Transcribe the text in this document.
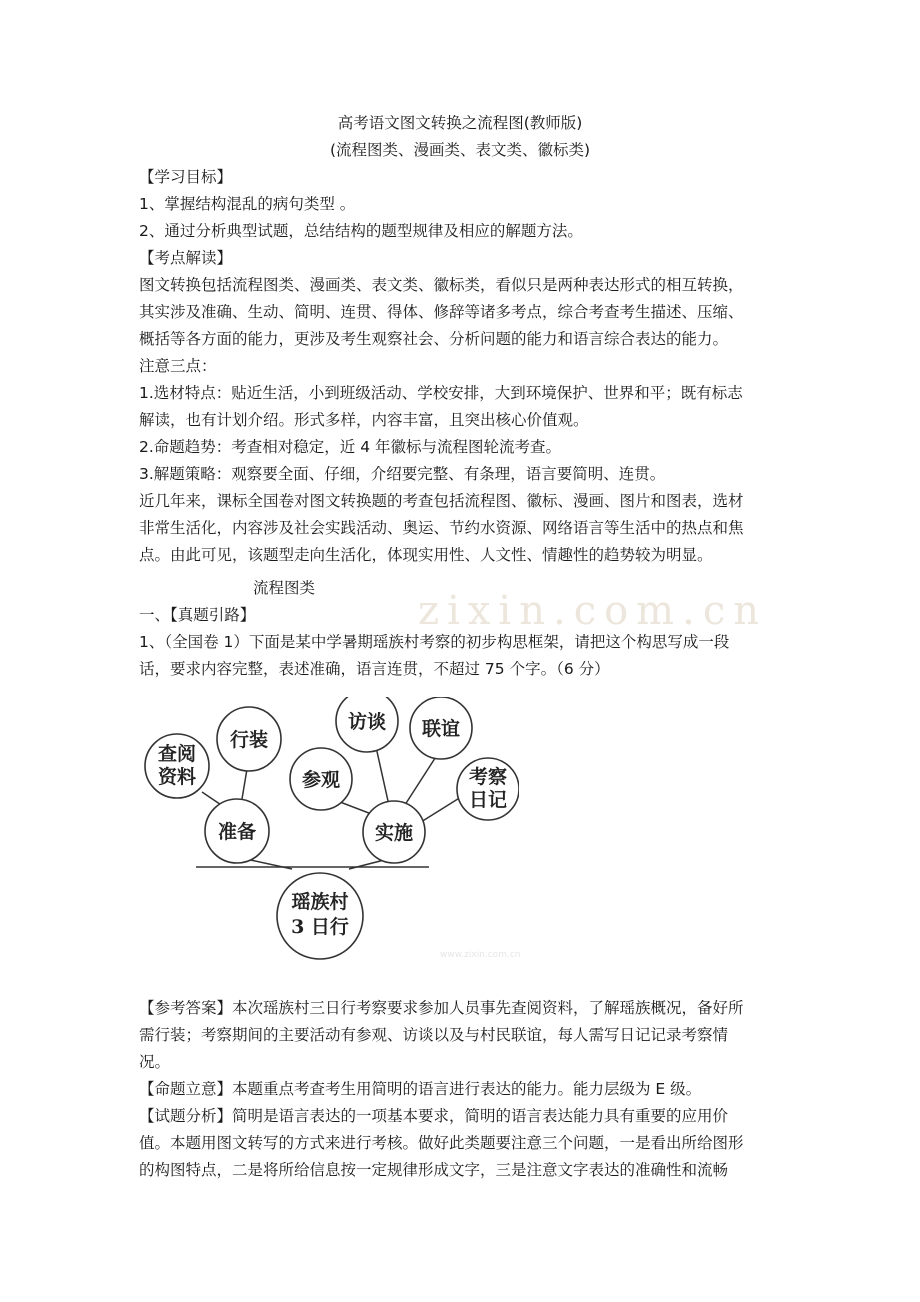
zixin.com.cn
高考语文图文转换之流程图(教师版)
(流程图类、漫画类、表文类、徽标类)
【学习目标】
1、掌握结构混乱的病句类型 。
2、通过分析典型试题，总结结构的题型规律及相应的解题方法。
【考点解读】
图文转换包括流程图类、漫画类、表文类、徽标类，看似只是两种表达形式的相互转换，
其实涉及准确、生动、简明、连贯、得体、修辞等诸多考点，综合考查考生描述、压缩、
概括等各方面的能力，更涉及考生观察社会、分析问题的能力和语言综合表达的能力。
注意三点：
1.选材特点：贴近生活，小到班级活动、学校安排，大到环境保护、世界和平；既有标志
解读，也有计划介绍。形式多样，内容丰富，且突出核心价值观。
2.命题趋势：考查相对稳定，近 4 年徽标与流程图轮流考查。
3.解题策略：观察要全面、仔细，介绍要完整、有条理，语言要简明、连贯。
近几年来，课标全国卷对图文转换题的考查包括流程图、徽标、漫画、图片和图表，选材
非常生活化，内容涉及社会实践活动、奥运、节约水资源、网络语言等生活中的热点和焦
点。由此可见，该题型走向生活化，体现实用性、人文性、情趣性的趋势较为明显。
流程图类
一、【真题引路】
1、（全国卷 1）下面是某中学暑期瑶族村考察的初步构思框架，请把这个构思写成一段
话，要求内容完整，表述准确，语言连贯，不超过 75 个字。（6 分）
查阅
资料
行装
准备
参观
访谈 联谊
考察
日记
实施
瑶族村
3 日行
www.zixin.com.cn
【参考答案】本次瑶族村三日行考察要求参加人员事先查阅资料，了解瑶族概况，备好所
需行装；考察期间的主要活动有参观、访谈以及与村民联谊，每人需写日记记录考察情
况。
【命题立意】本题重点考查考生用简明的语言进行表达的能力。能力层级为 E 级。
【试题分析】简明是语言表达的一项基本要求，简明的语言表达能力具有重要的应用价
值。本题用图文转写的方式来进行考核。做好此类题要注意三个问题，一是看出所给图形
的构图特点，二是将所给信息按一定规律形成文字，三是注意文字表达的准确性和流畅
